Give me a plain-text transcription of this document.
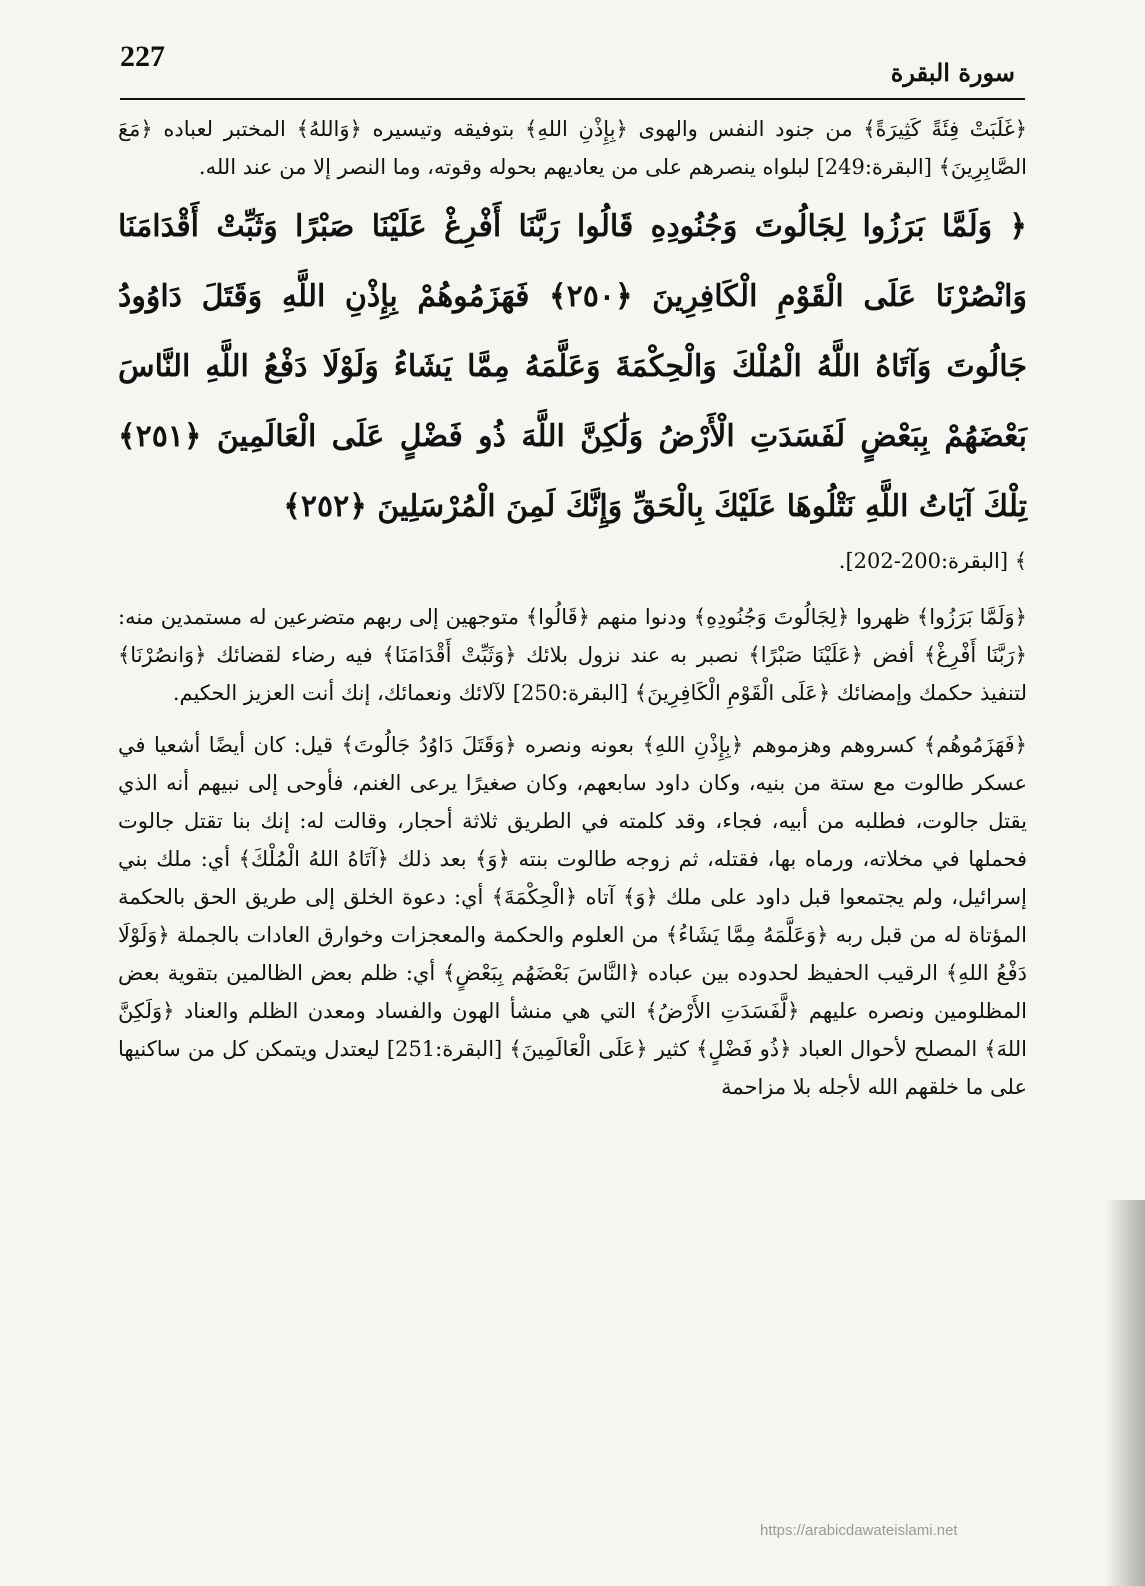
227	سورة البقرة

﴿غَلَبَتْ فِئَةً كَثِيرَةً﴾ من جنود النفس والهوى ﴿بِإِذْنِ اللهِ﴾ بتوفيقه وتيسيره ﴿وَاللهُ﴾ المختبر لعباده ﴿مَعَ الصَّابِرِينَ﴾ [البقرة:249] لبلواه ينصرهم على من يعاديهم بحوله وقوته، وما النصر إلا من عند الله.

﴿ وَلَمَّا بَرَزُوا لِجَالُوتَ وَجُنُودِهِ قَالُوا رَبَّنَا أَفْرِغْ عَلَيْنَا صَبْرًا وَثَبِّتْ أَقْدَامَنَا وَانْصُرْنَا عَلَى الْقَوْمِ الْكَافِرِينَ ﴿٢٥٠﴾ فَهَزَمُوهُمْ بِإِذْنِ اللَّهِ وَقَتَلَ دَاوُودُ جَالُوتَ وَآتَاهُ اللَّهُ الْمُلْكَ وَالْحِكْمَةَ وَعَلَّمَهُ مِمَّا يَشَاءُ وَلَوْلَا دَفْعُ اللَّهِ النَّاسَ بَعْضَهُمْ بِبَعْضٍ لَفَسَدَتِ الْأَرْضُ وَلَٰكِنَّ اللَّهَ ذُو فَضْلٍ عَلَى الْعَالَمِينَ ﴿٢٥١﴾ تِلْكَ آيَاتُ اللَّهِ نَتْلُوهَا عَلَيْكَ بِالْحَقِّ وَإِنَّكَ لَمِنَ الْمُرْسَلِينَ ﴿٢٥٢﴾

﴾ [البقرة:200-202].

﴿وَلَمَّا بَرَزُوا﴾ ظهروا ﴿لِجَالُوتَ وَجُنُودِهِ﴾ ودنوا منهم ﴿قَالُوا﴾ متوجهين إلى ربهم متضرعين له مستمدين منه: ﴿رَبَّنَا أَفْرِغْ﴾ أفض ﴿عَلَيْنَا صَبْرًا﴾ نصبر به عند نزول بلائك ﴿وَثَبِّتْ أَقْدَامَنَا﴾ فيه رضاء لقضائك ﴿وَانصُرْنَا﴾ لتنفيذ حكمك وإمضائك ﴿عَلَى الْقَوْمِ الْكَافِرِينَ﴾ [البقرة:250] لآلائك ونعمائك، إنك أنت العزيز الحكيم.

﴿فَهَزَمُوهُم﴾ كسروهم وهزموهم ﴿بِإِذْنِ اللهِ﴾ بعونه ونصره ﴿وَقَتَلَ دَاوُدُ جَالُوتَ﴾ قيل: كان أيضًا أشعيا في عسكر طالوت مع ستة من بنيه، وكان داود سابعهم، وكان صغيرًا يرعى الغنم، فأوحى إلى نبيهم أنه الذي يقتل جالوت، فطلبه من أبيه، فجاء، وقد كلمته في الطريق ثلاثة أحجار، وقالت له: إنك بنا تقتل جالوت فحملها في مخلاته، ورماه بها، فقتله، ثم زوجه طالوت بنته ﴿وَ﴾ بعد ذلك ﴿آتَاهُ اللهُ الْمُلْكَ﴾ أي: ملك بني إسرائيل، ولم يجتمعوا قبل داود على ملك ﴿وَ﴾ آتاه ﴿الْحِكْمَةَ﴾ أي: دعوة الخلق إلى طريق الحق بالحكمة المؤتاة له من قبل ربه ﴿وَعَلَّمَهُ مِمَّا يَشَاءُ﴾ من العلوم والحكمة والمعجزات وخوارق العادات بالجملة ﴿وَلَوْلَا دَفْعُ اللهِ﴾ الرقيب الحفيظ لحدوده بين عباده ﴿النَّاسَ بَعْضَهُم بِبَعْضٍ﴾ أي: ظلم بعض الظالمين بتقوية بعض المظلومين ونصره عليهم ﴿لَّفَسَدَتِ الأَرْضُ﴾ التي هي منشأ الهون والفساد ومعدن الظلم والعناد ﴿وَلَكِنَّ اللهَ﴾ المصلح لأحوال العباد ﴿ذُو فَضْلٍ﴾ كثير ﴿عَلَى الْعَالَمِينَ﴾ [البقرة:251] ليعتدل ويتمكن كل من ساكنيها على ما خلقهم الله لأجله بلا مزاحمة

https://arabicdawateislami.net
